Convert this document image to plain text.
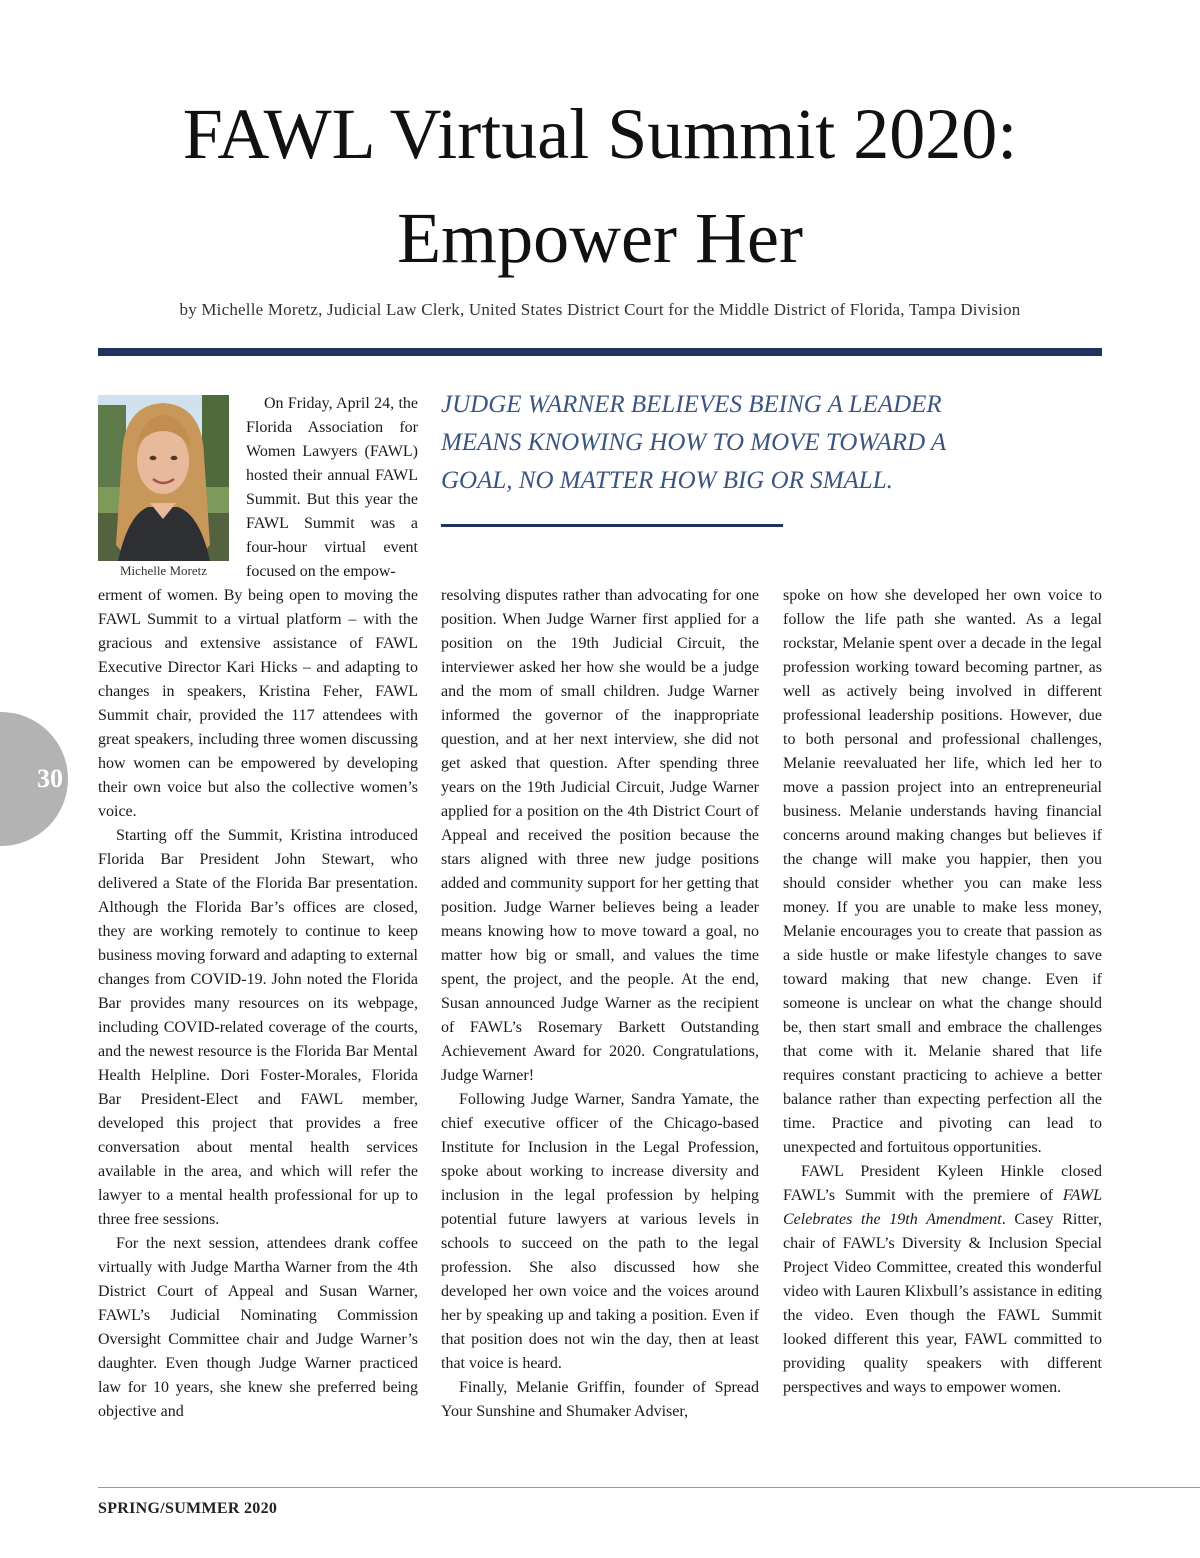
FAWL Virtual Summit 2020:
Empower Her
by Michelle Moretz, Judicial Law Clerk, United States District Court for the Middle District of Florida, Tampa Division
Michelle Moretz

On Friday, April 24, the Florida Association for Women Lawyers (FAWL) hosted their annual FAWL Summit. But this year the FAWL Summit was a four-hour virtual event focused on the empow-

JUDGE WARNER BELIEVES BEING A LEADER MEANS KNOWING HOW TO MOVE TOWARD A GOAL, NO MATTER HOW BIG OR SMALL.

erment of women. By being open to moving the FAWL Summit to a virtual platform – with the gracious and extensive assistance of FAWL Executive Director Kari Hicks – and adapting to changes in speakers, Kristina Feher, FAWL Summit chair, provided the 117 attendees with great speakers, including three women discussing how women can be empowered by developing their own voice but also the collective women’s voice.

Starting off the Summit, Kristina introduced Florida Bar President John Stewart, who delivered a State of the Florida Bar presentation. Although the Florida Bar’s offices are closed, they are working remotely to continue to keep business moving forward and adapting to external changes from COVID-19. John noted the Florida Bar provides many resources on its webpage, including COVID-related coverage of the courts, and the newest resource is the Florida Bar Mental Health Helpline. Dori Foster-Morales, Florida Bar President-Elect and FAWL member, developed this project that provides a free conversation about mental health services available in the area, and which will refer the lawyer to a mental health professional for up to three free sessions.

For the next session, attendees drank coffee virtually with Judge Martha Warner from the 4th District Court of Appeal and Susan Warner, FAWL’s Judicial Nominating Commission Oversight Committee chair and Judge Warner’s daughter. Even though Judge Warner practiced law for 10 years, she knew she preferred being objective and

resolving disputes rather than advocating for one position. When Judge Warner first applied for a position on the 19th Judicial Circuit, the interviewer asked her how she would be a judge and the mom of small children. Judge Warner informed the governor of the inappropriate question, and at her next interview, she did not get asked that question. After spending three years on the 19th Judicial Circuit, Judge Warner applied for a position on the 4th District Court of Appeal and received the position because the stars aligned with three new judge positions added and community support for her getting that position. Judge Warner believes being a leader means knowing how to move toward a goal, no matter how big or small, and values the time spent, the project, and the people. At the end, Susan announced Judge Warner as the recipient of FAWL’s Rosemary Barkett Outstanding Achievement Award for 2020. Congratulations, Judge Warner!

Following Judge Warner, Sandra Yamate, the chief executive officer of the Chicago-based Institute for Inclusion in the Legal Profession, spoke about working to increase diversity and inclusion in the legal profession by helping potential future lawyers at various levels in schools to succeed on the path to the legal profession. She also discussed how she developed her own voice and the voices around her by speaking up and taking a position. Even if that position does not win the day, then at least that voice is heard.

Finally, Melanie Griffin, founder of Spread Your Sunshine and Shumaker Adviser,

spoke on how she developed her own voice to follow the life path she wanted. As a legal rockstar, Melanie spent over a decade in the legal profession working toward becoming partner, as well as actively being involved in different professional leadership positions. However, due to both personal and professional challenges, Melanie reevaluated her life, which led her to move a passion project into an entrepreneurial business. Melanie understands having financial concerns around making changes but believes if the change will make you happier, then you should consider whether you can make less money. If you are unable to make less money, Melanie encourages you to create that passion as a side hustle or make lifestyle changes to save toward making that new change. Even if someone is unclear on what the change should be, then start small and embrace the challenges that come with it. Melanie shared that life requires constant practicing to achieve a better balance rather than expecting perfection all the time. Practice and pivoting can lead to unexpected and fortuitous opportunities.

FAWL President Kyleen Hinkle closed FAWL’s Summit with the premiere of FAWL Celebrates the 19th Amendment. Casey Ritter, chair of FAWL’s Diversity & Inclusion Special Project Video Committee, created this wonderful video with Lauren Klixbull’s assistance in editing the video. Even though the FAWL Summit looked different this year, FAWL committed to providing quality speakers with different perspectives and ways to empower women.

30
SPRING/SUMMER 2020
